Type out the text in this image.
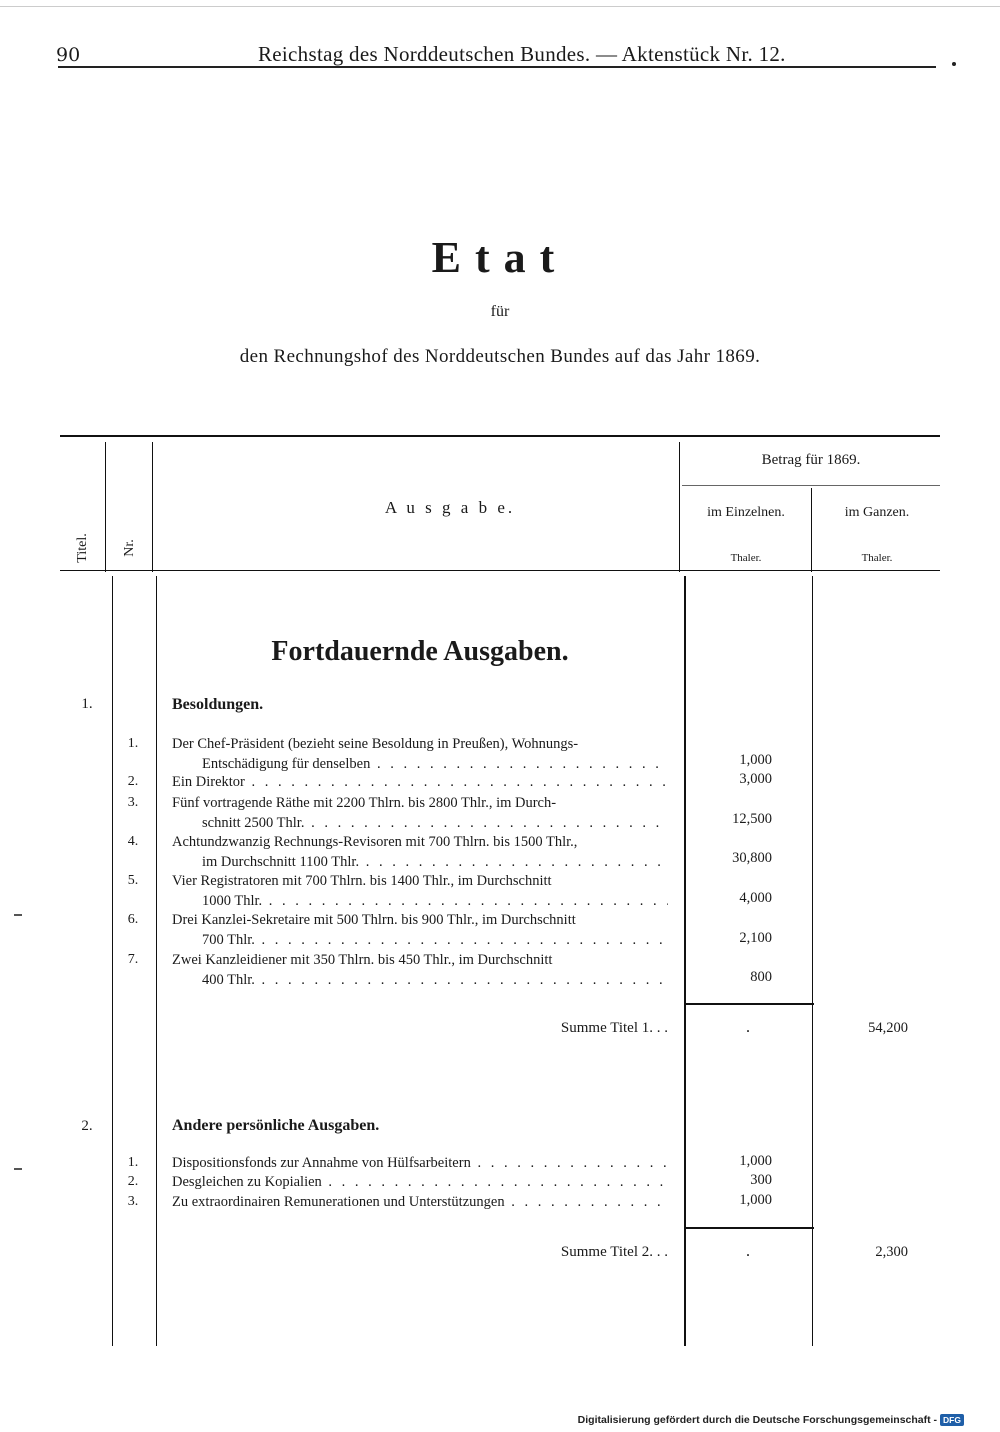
90	Reichstag des Norddeutschen Bundes. — Aktenstück Nr. 12.
Etat
für
den Rechnungshof des Norddeutschen Bundes auf das Jahr 1869.
Titel. Nr.
A u s g a b e.
Betrag für 1869.
im Einzelnen.	im Ganzen.
Thaler.	Thaler.
Fortdauernde Ausgaben.
1.	Besoldungen.
1.	Der Chef-Präsident (bezieht seine Besoldung in Preußen), Wohnungs-
Entschädigung für denselben . . .	1,000
2.	Ein Direktor . . .	3,000
3.	Fünf vortragende Räthe mit 2200 Thlrn. bis 2800 Thlr., im Durch-
schnitt 2500 Thlr. . . .	12,500
4.	Achtundzwanzig Rechnungs-Revisoren mit 700 Thlrn. bis 1500 Thlr.,
im Durchschnitt 1100 Thlr. . . .	30,800
5.	Vier Registratoren mit 700 Thlrn. bis 1400 Thlr., im Durchschnitt
1000 Thlr. . . .	4,000
6.	Drei Kanzlei-Sekretaire mit 500 Thlrn. bis 900 Thlr., im Durchschnitt
700 Thlr. . . .	2,100
7.	Zwei Kanzleidiener mit 350 Thlrn. bis 450 Thlr., im Durchschnitt
400 Thlr. . . .	800
Summe Titel 1. . .	.	54,200
2.	Andere persönliche Ausgaben.
1.	Dispositionsfonds zur Annahme von Hülfsarbeitern . . .	1,000
2.	Desgleichen zu Kopialien . . .	300
3.	Zu extraordinairen Remunerationen und Unterstützungen . . .	1,000
Summe Titel 2. . .	.	2,300
Digitalisierung gefördert durch die Deutsche Forschungsgemeinschaft - DFG
